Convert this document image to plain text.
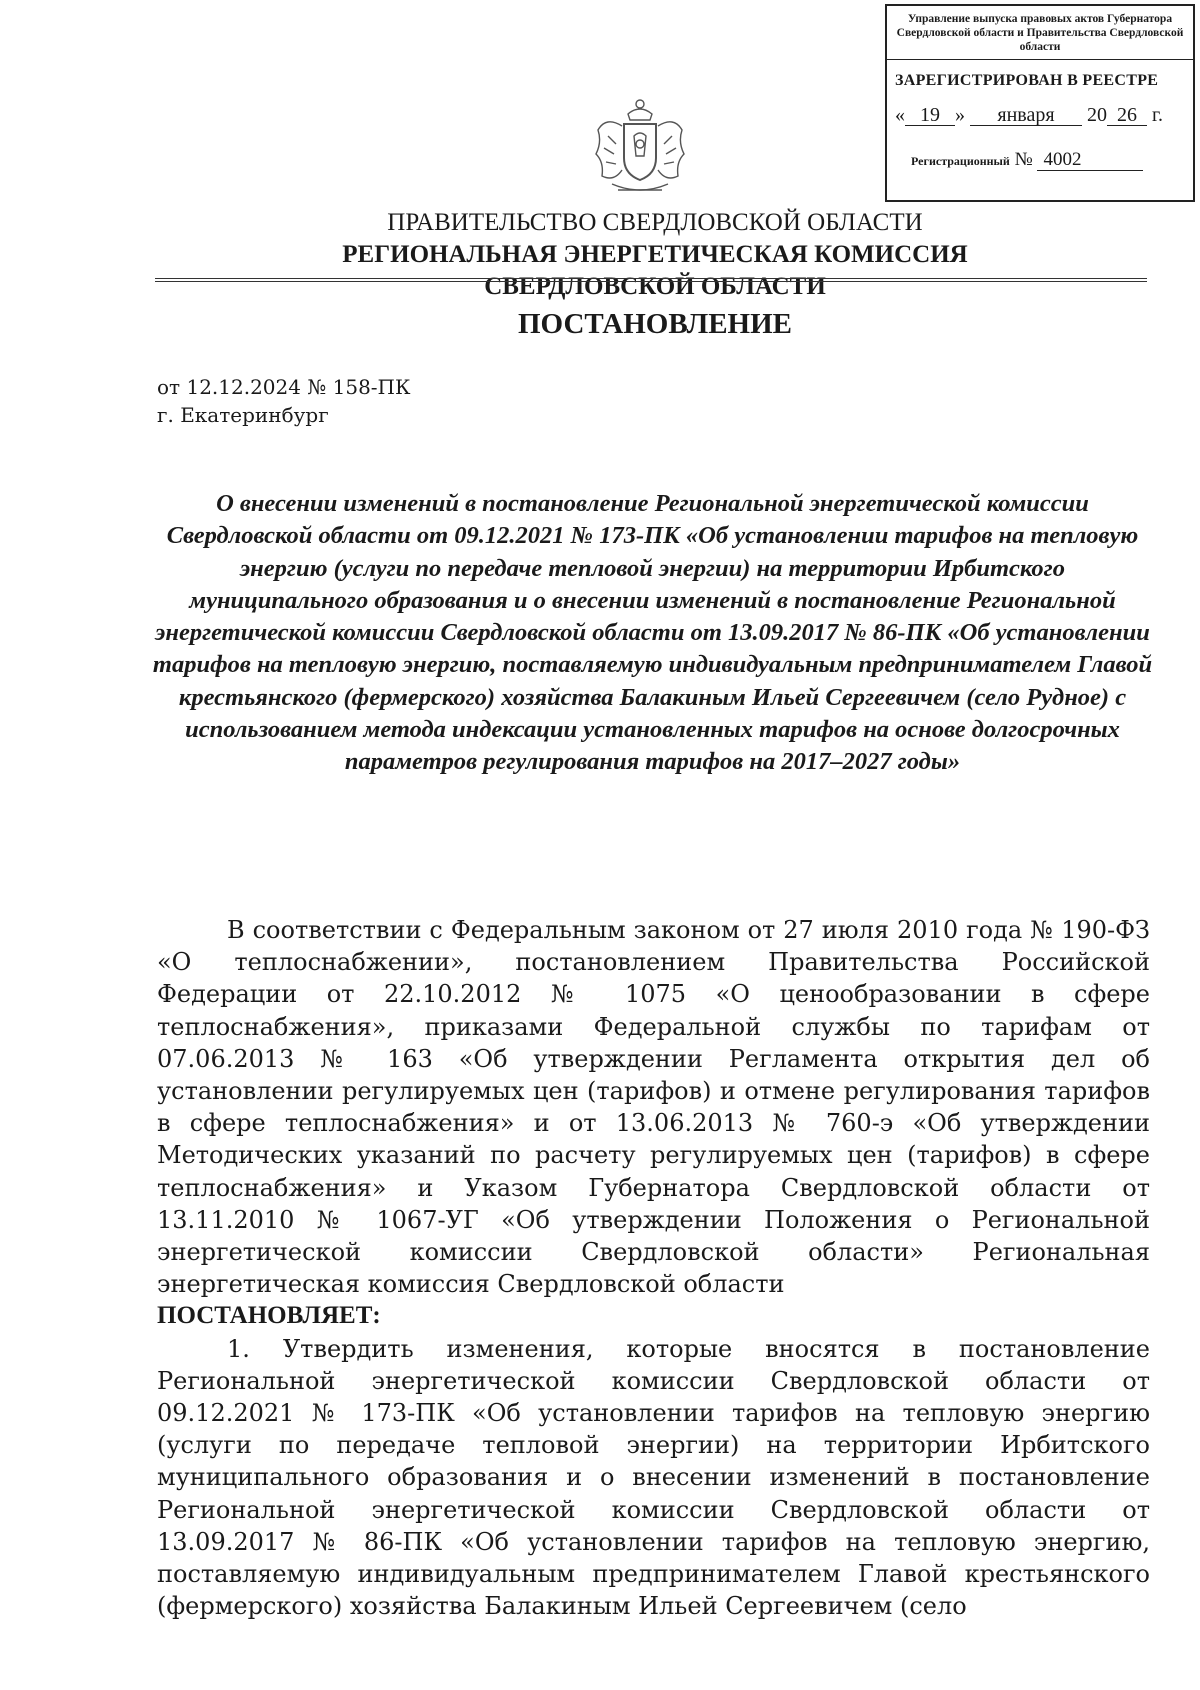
Управление выпуска правовых актов Губернатора Свердловской области и Правительства Свердловской области
ЗАРЕГИСТРИРОВАН В РЕЕСТРЕ
« 19 » января 20 26 г.
Регистрационный № 4002
ПРАВИТЕЛЬСТВО СВЕРДЛОВСКОЙ ОБЛАСТИ
РЕГИОНАЛЬНАЯ ЭНЕРГЕТИЧЕСКАЯ КОМИССИЯ
СВЕРДЛОВСКОЙ ОБЛАСТИ
ПОСТАНОВЛЕНИЕ
от 12.12.2024 № 158-ПК
г. Екатеринбург
О внесении изменений в постановление Региональной энергетической комиссии Свердловской области от 09.12.2021 № 173-ПК «Об установлении тарифов на тепловую энергию (услуги по передаче тепловой энергии) на территории Ирбитского муниципального образования и о внесении изменений в постановление Региональной энергетической комиссии Свердловской области от 13.09.2017 № 86-ПК «Об установлении тарифов на тепловую энергию, поставляемую индивидуальным предпринимателем Главой крестьянского (фермерского) хозяйства Балакиным Ильей Сергеевичем (село Рудное) с использованием метода индексации установленных тарифов на основе долгосрочных параметров регулирования тарифов на 2017–2027 годы»

В соответствии с Федеральным законом от 27 июля 2010 года № 190-ФЗ «О теплоснабжении», постановлением Правительства Российской Федерации от 22.10.2012 № 1075 «О ценообразовании в сфере теплоснабжения», приказами Федеральной службы по тарифам от 07.06.2013 № 163 «Об утверждении Регламента открытия дел об установлении регулируемых цен (тарифов) и отмене регулирования тарифов в сфере теплоснабжения» и от 13.06.2013 № 760-э «Об утверждении Методических указаний по расчету регулируемых цен (тарифов) в сфере теплоснабжения» и Указом Губернатора Свердловской области от 13.11.2010 № 1067-УГ «Об утверждении Положения о Региональной энергетической комиссии Свердловской области» Региональная энергетическая комиссия Свердловской области

ПОСТАНОВЛЯЕТ:

1. Утвердить изменения, которые вносятся в постановление Региональной энергетической комиссии Свердловской области от 09.12.2021 № 173-ПК «Об установлении тарифов на тепловую энергию (услуги по передаче тепловой энергии) на территории Ирбитского муниципального образования и о внесении изменений в постановление Региональной энергетической комиссии Свердловской области от 13.09.2017 № 86-ПК «Об установлении тарифов на тепловую энергию, поставляемую индивидуальным предпринимателем Главой крестьянского (фермерского) хозяйства Балакиным Ильей Сергеевичем (село
